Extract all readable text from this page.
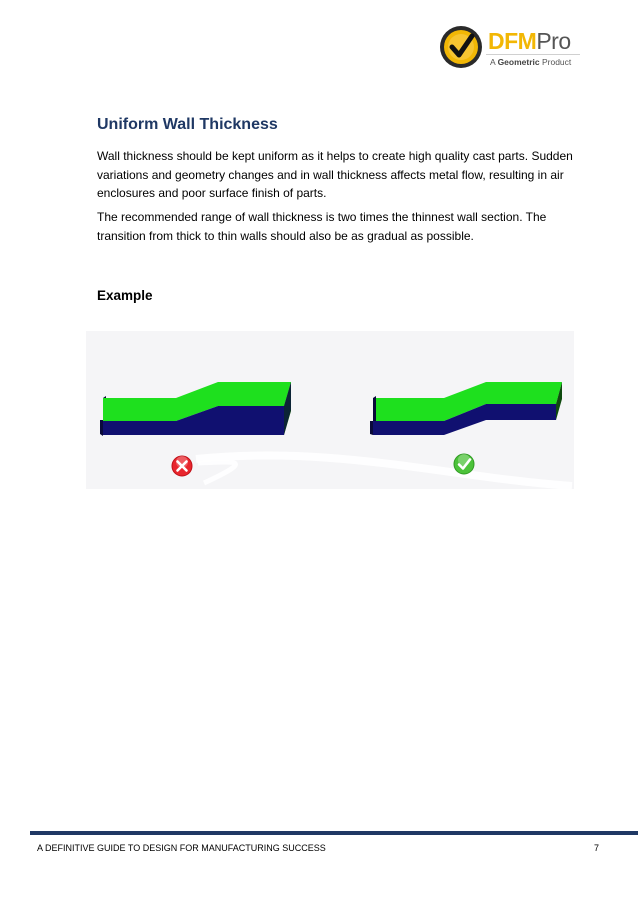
DFMPro
A Geometric Product
Uniform Wall Thickness

Wall thickness should be kept uniform as it helps to create high quality cast parts. Sudden variations and geometry changes and in wall thickness affects metal flow, resulting in air enclosures and poor surface finish of parts.

The recommended range of wall thickness is two times the thinnest wall section. The transition from thick to thin walls should also be as gradual as possible.

Example
A DEFINITIVE GUIDE TO DESIGN FOR MANUFACTURING SUCCESS	7
